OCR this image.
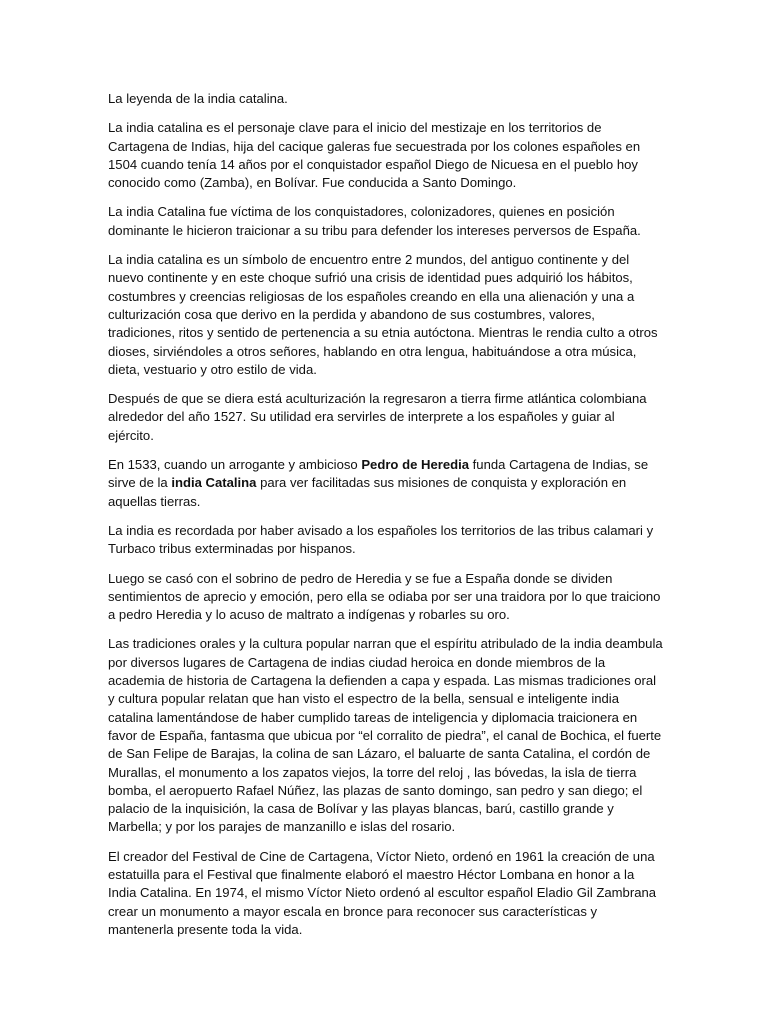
La leyenda de la india catalina.

La india catalina es el personaje clave para el inicio del mestizaje en los territorios de Cartagena de Indias, hija del cacique galeras fue secuestrada por los colones españoles en 1504 cuando tenía 14 años por el conquistador español Diego de Nicuesa en el pueblo hoy conocido como (Zamba), en Bolívar. Fue conducida a Santo Domingo.

La india Catalina fue víctima de los conquistadores, colonizadores, quienes en posición dominante le hicieron traicionar a su tribu para defender los intereses perversos de España.

La india catalina es un símbolo de encuentro entre 2 mundos, del antiguo continente y del nuevo continente y en este choque sufrió una crisis de identidad pues adquirió los hábitos, costumbres y creencias religiosas de los españoles creando en ella una alienación y una a culturización cosa que derivo en la perdida y abandono de sus costumbres, valores, tradiciones, ritos y sentido de pertenencia a su etnia autóctona. Mientras le rendia culto a otros dioses, sirviéndoles a otros señores, hablando en otra lengua, habituándose a otra música, dieta, vestuario y otro estilo de vida.

Después de que se diera está aculturización la regresaron a tierra firme atlántica colombiana alrededor del año 1527. Su utilidad era servirles de interprete a los españoles y guiar al ejército.

En 1533, cuando un arrogante y ambicioso Pedro de Heredia funda Cartagena de Indias, se sirve de la india Catalina para ver facilitadas sus misiones de conquista y exploración en aquellas tierras.

La india es recordada por haber avisado a los españoles los territorios de las tribus calamari y Turbaco tribus exterminadas por hispanos.

Luego se casó con el sobrino de pedro de Heredia y se fue a España donde se dividen sentimientos de aprecio y emoción, pero ella se odiaba por ser una traidora por lo que traiciono a pedro Heredia y lo acuso de maltrato a indígenas y robarles su oro.

Las tradiciones orales y la cultura popular narran que el espíritu atribulado de la india deambula por diversos lugares de Cartagena de indias ciudad heroica en donde miembros de la academia de historia de Cartagena la defienden a capa y espada. Las mismas tradiciones oral y cultura popular relatan que han visto el espectro de la bella, sensual e inteligente india catalina lamentándose de haber cumplido tareas de inteligencia y diplomacia traicionera en favor de España, fantasma que ubicua por “el corralito de piedra”, el canal de Bochica, el fuerte de San Felipe de Barajas, la colina de san Lázaro, el baluarte de santa Catalina, el cordón de Murallas, el monumento a los zapatos viejos, la torre del reloj , las bóvedas, la isla de tierra bomba, el aeropuerto Rafael Núñez, las plazas de santo domingo, san pedro y san diego; el palacio de la inquisición, la casa de Bolívar y las playas blancas, barú, castillo grande y Marbella; y por los parajes de manzanillo e islas del rosario.

El creador del Festival de Cine de Cartagena, Víctor Nieto, ordenó en 1961 la creación de una estatuilla para el Festival que finalmente elaboró el maestro Héctor Lombana en honor a la India Catalina. En 1974, el mismo Víctor Nieto ordenó al escultor español Eladio Gil Zambrana crear un monumento a mayor escala en bronce para reconocer sus características y mantenerla presente toda la vida.
